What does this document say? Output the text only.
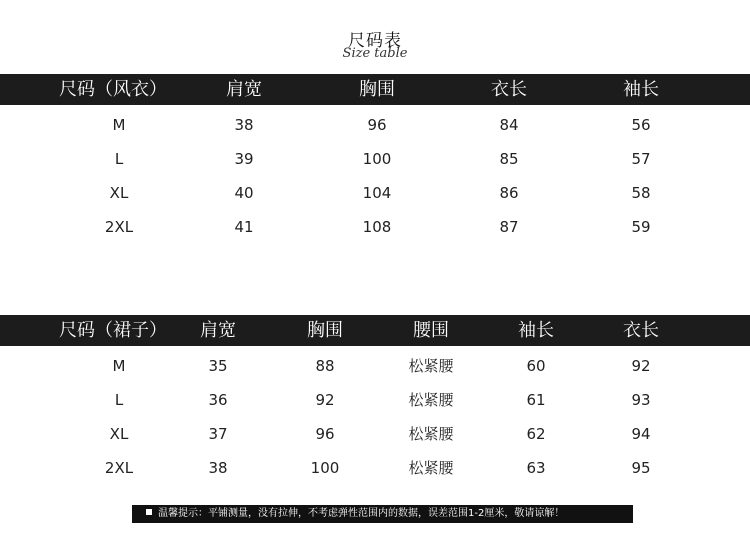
尺码表
Size table
尺码（风衣）	肩宽	胸围	衣长	袖长
M	38	96	84	56
L	39	100	85	57
XL	40	104	86	58
2XL	41	108	87	59
尺码（裙子） 肩宽	胸围	腰围	袖长	衣长
M	35	88	松紧腰	60	92
L	36	92	松紧腰	61	93
XL	37	96	松紧腰	62	94
2XL	38	100	松紧腰	63	95
温馨提示：平铺测量，没有拉伸，不考虑弹性范围内的数据，误差范围1-2厘米，敬请谅解！
